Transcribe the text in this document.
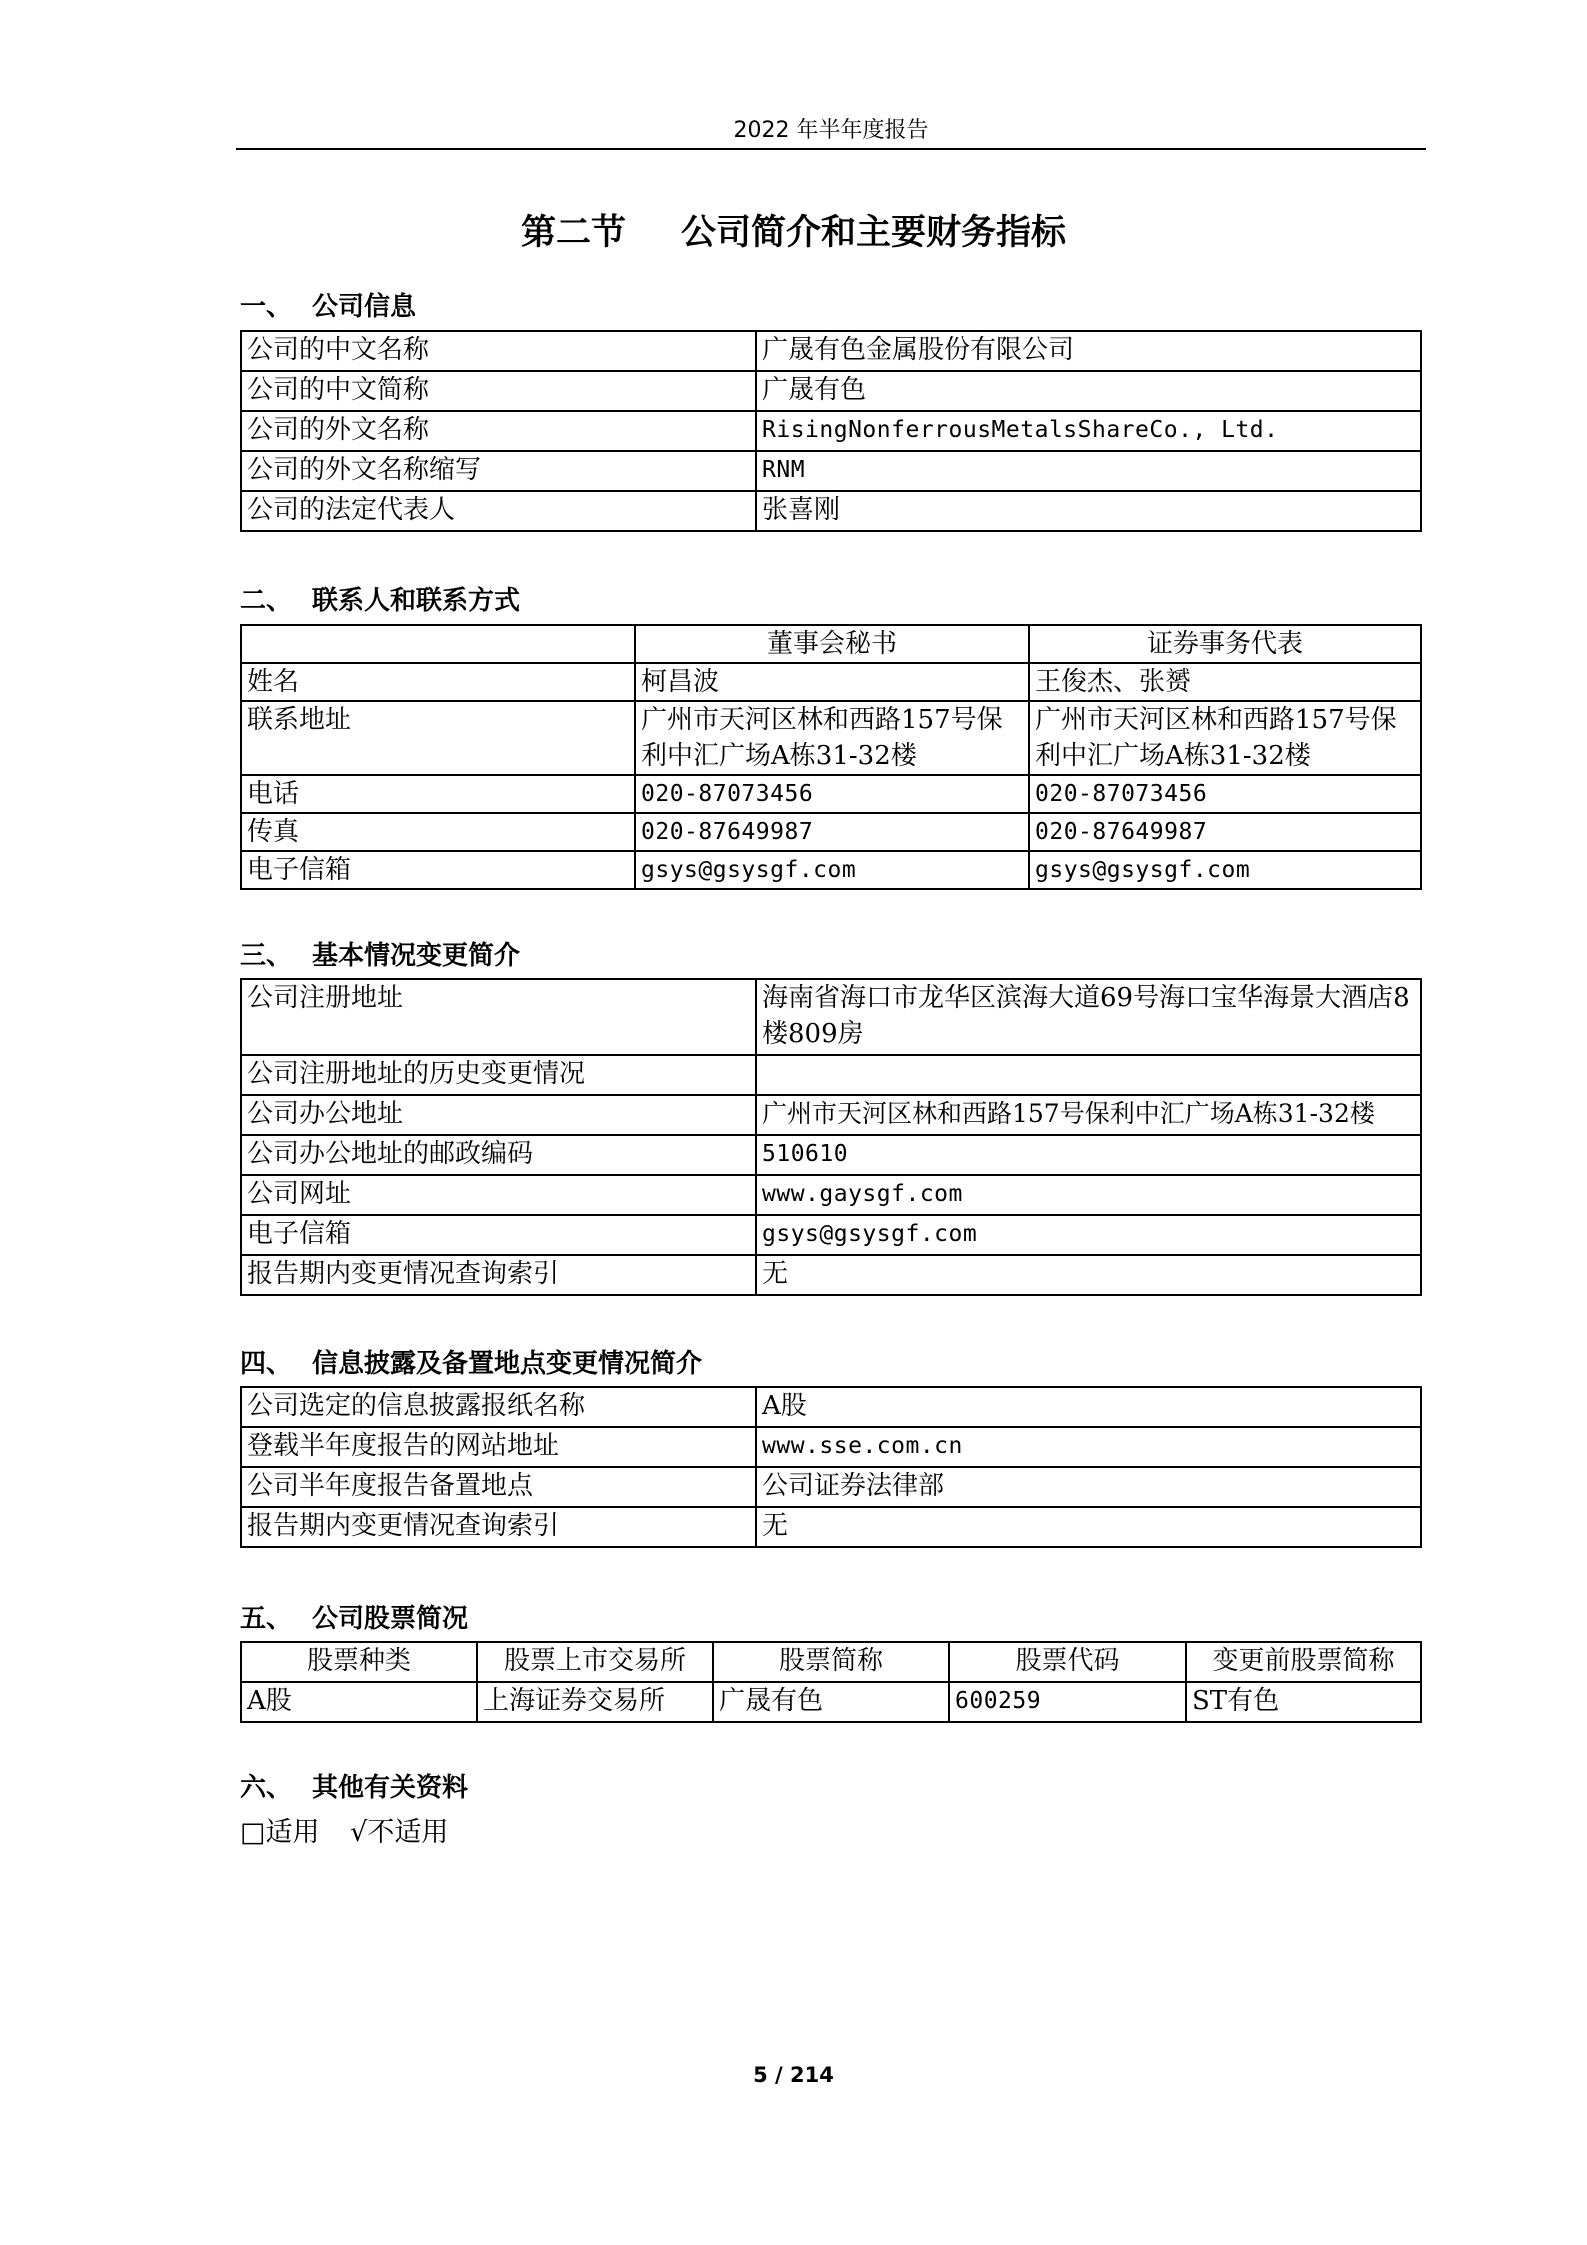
2022 年半年度报告
第二节 公司简介和主要财务指标
一、 公司信息
公司的中文名称	广晟有色金属股份有限公司
公司的中文简称	广晟有色
公司的外文名称	RisingNonferrousMetalsShareCo., Ltd.
公司的外文名称缩写	RNM
公司的法定代表人	张喜刚
二、 联系人和联系方式
	董事会秘书	证券事务代表
姓名	柯昌波	王俊杰、张赟
联系地址	广州市天河区林和西路157号保利中汇广场A栋31-32楼	广州市天河区林和西路157号保利中汇广场A栋31-32楼
电话	020-87073456	020-87073456
传真	020-87649987	020-87649987
电子信箱	gsys@gsysgf.com	gsys@gsysgf.com
三、 基本情况变更简介
公司注册地址	海南省海口市龙华区滨海大道69号海口宝华海景大酒店8楼809房
公司注册地址的历史变更情况	
公司办公地址	广州市天河区林和西路157号保利中汇广场A栋31-32楼
公司办公地址的邮政编码	510610
公司网址	www.gaysgf.com
电子信箱	gsys@gsysgf.com
报告期内变更情况查询索引	无
四、 信息披露及备置地点变更情况简介
公司选定的信息披露报纸名称	A股
登载半年度报告的网站地址	www.sse.com.cn
公司半年度报告备置地点	公司证券法律部
报告期内变更情况查询索引	无
五、 公司股票简况
股票种类	股票上市交易所	股票简称	股票代码	变更前股票简称
A股	上海证券交易所	广晟有色	600259	ST有色
六、 其他有关资料
□适用 √不适用
5 / 214
